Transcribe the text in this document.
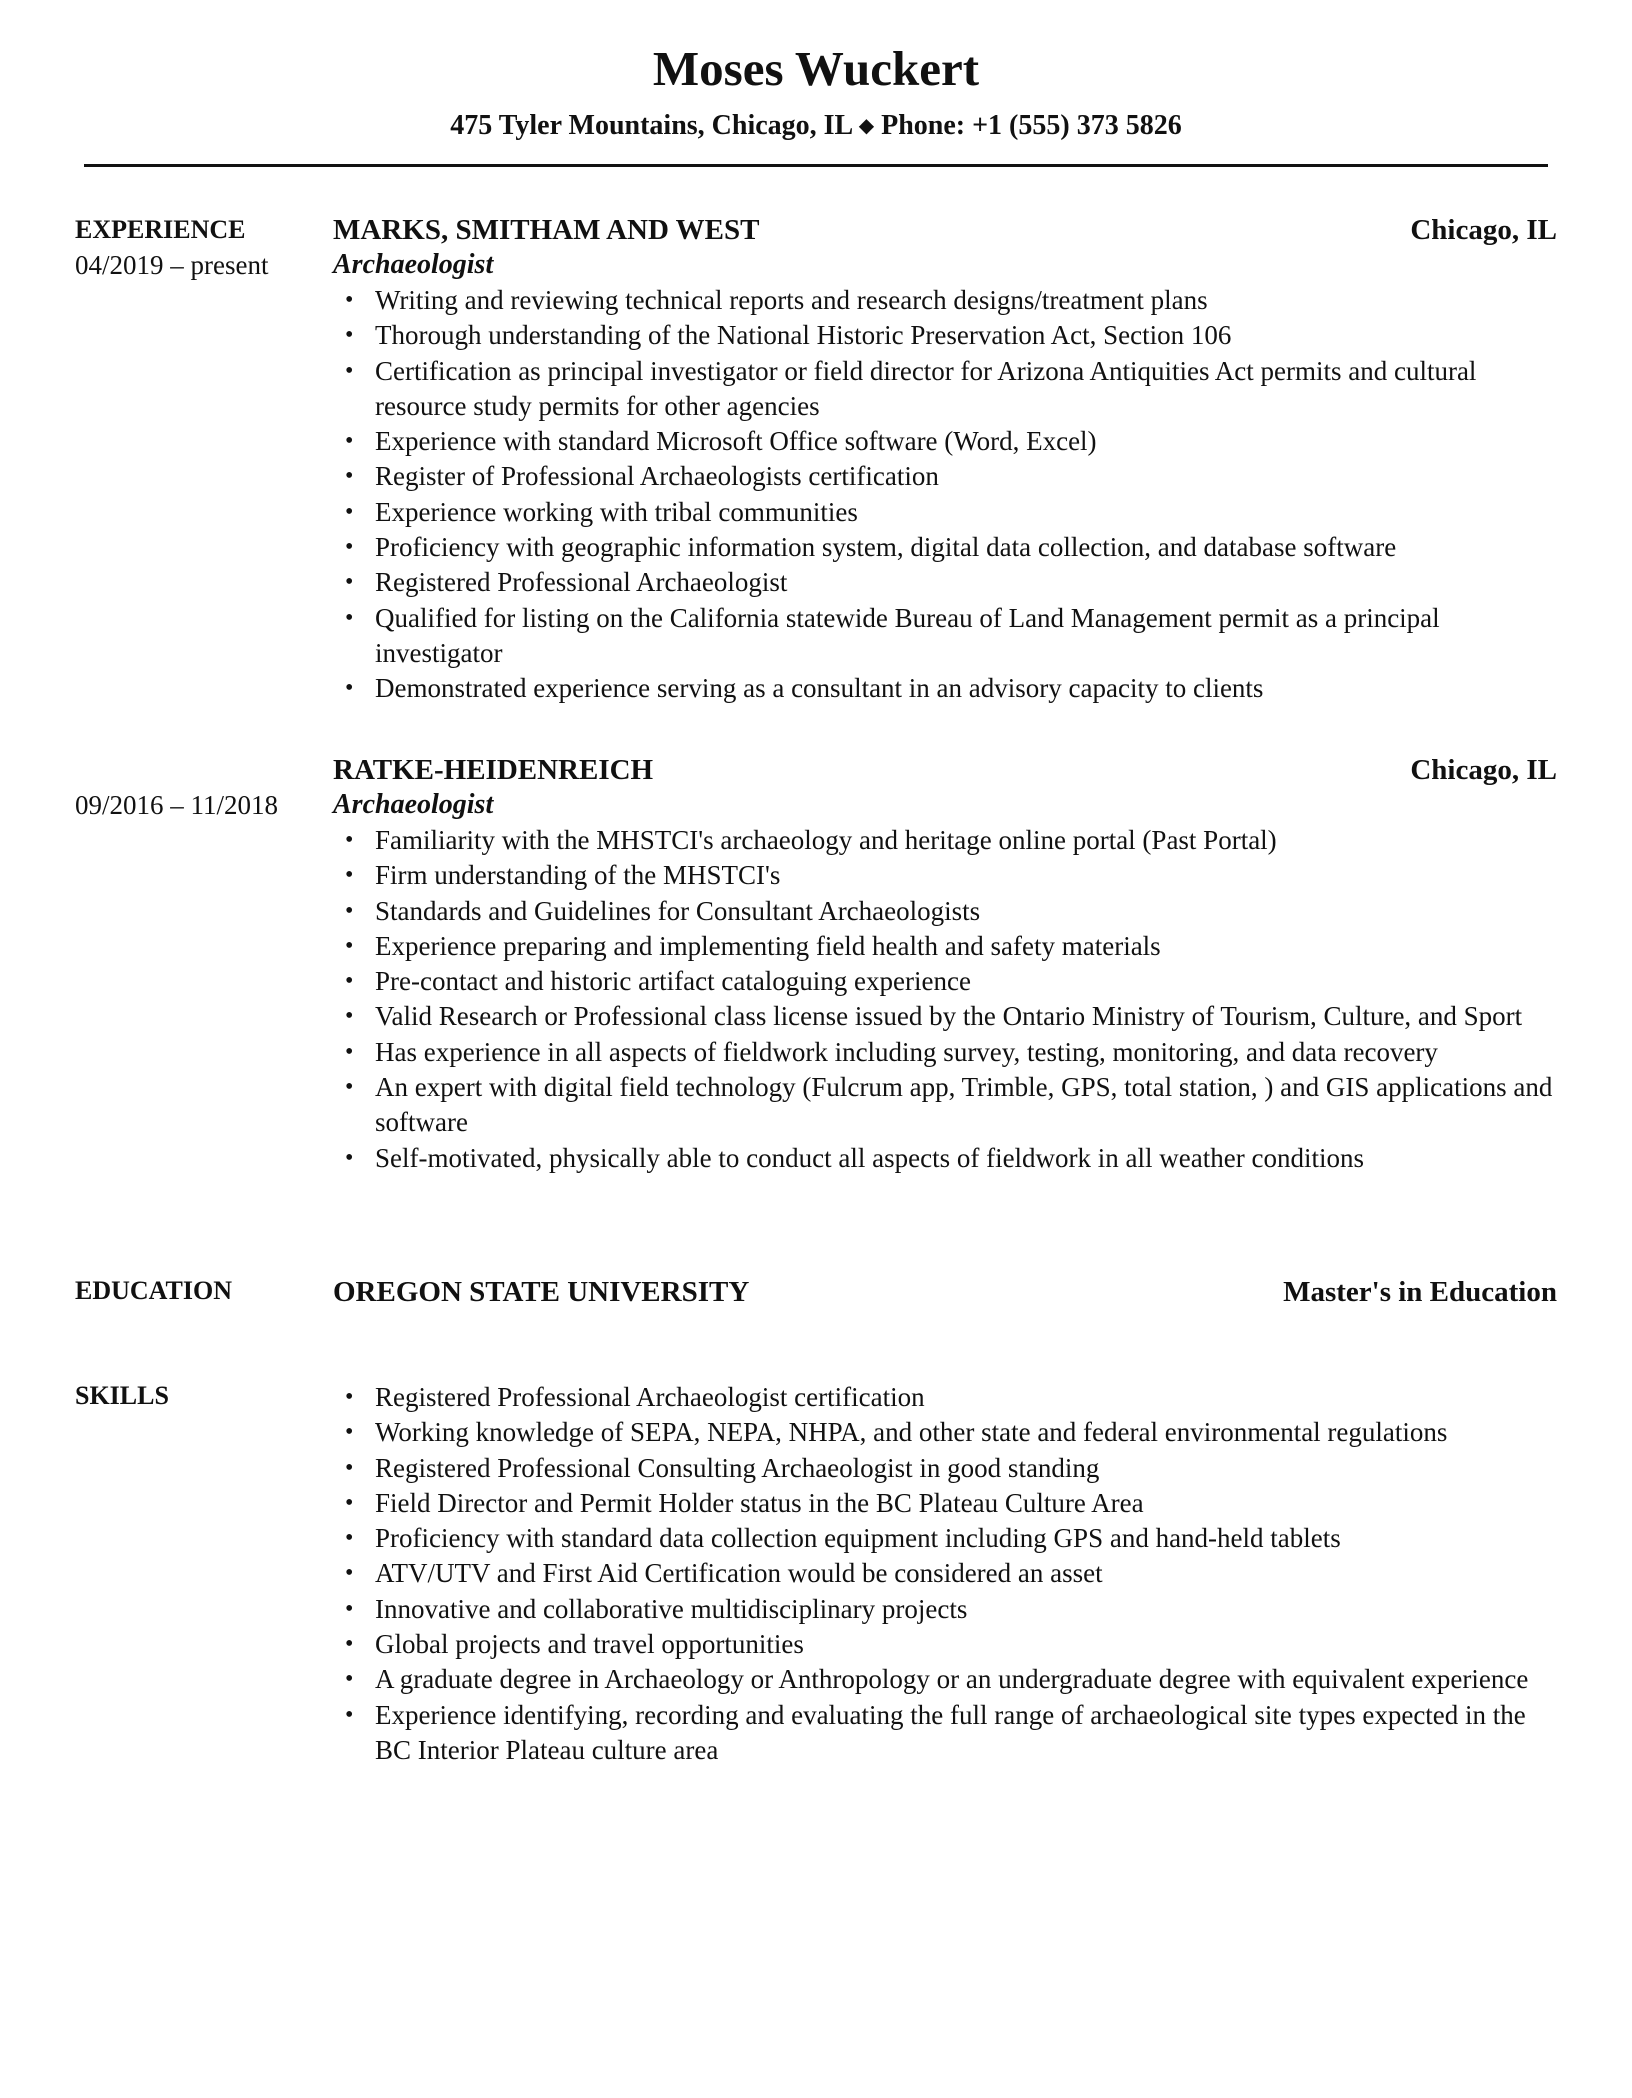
Moses Wuckert
475 Tyler Mountains, Chicago, IL ◆ Phone: +1 (555) 373 5826
EXPERIENCE
04/2019 – present
MARKS, SMITHAM AND WEST	Chicago, IL
Archaeologist
• Writing and reviewing technical reports and research designs/treatment plans
• Thorough understanding of the National Historic Preservation Act, Section 106
• Certification as principal investigator or field director for Arizona Antiquities Act permits and cultural resource study permits for other agencies
• Experience with standard Microsoft Office software (Word, Excel)
• Register of Professional Archaeologists certification
• Experience working with tribal communities
• Proficiency with geographic information system, digital data collection, and database software
• Registered Professional Archaeologist
• Qualified for listing on the California statewide Bureau of Land Management permit as a principal investigator
• Demonstrated experience serving as a consultant in an advisory capacity to clients
09/2016 – 11/2018
RATKE-HEIDENREICH	Chicago, IL
Archaeologist
• Familiarity with the MHSTCI's archaeology and heritage online portal (Past Portal)
• Firm understanding of the MHSTCI's
• Standards and Guidelines for Consultant Archaeologists
• Experience preparing and implementing field health and safety materials
• Pre-contact and historic artifact cataloguing experience
• Valid Research or Professional class license issued by the Ontario Ministry of Tourism, Culture, and Sport
• Has experience in all aspects of fieldwork including survey, testing, monitoring, and data recovery
• An expert with digital field technology (Fulcrum app, Trimble, GPS, total station, ) and GIS applications and software
• Self-motivated, physically able to conduct all aspects of fieldwork in all weather conditions
EDUCATION	OREGON STATE UNIVERSITY	Master's in Education
SKILLS	• Registered Professional Archaeologist certification
• Working knowledge of SEPA, NEPA, NHPA, and other state and federal environmental regulations
• Registered Professional Consulting Archaeologist in good standing
• Field Director and Permit Holder status in the BC Plateau Culture Area
• Proficiency with standard data collection equipment including GPS and hand-held tablets
• ATV/UTV and First Aid Certification would be considered an asset
• Innovative and collaborative multidisciplinary projects
• Global projects and travel opportunities
• A graduate degree in Archaeology or Anthropology or an undergraduate degree with equivalent experience
• Experience identifying, recording and evaluating the full range of archaeological site types expected in the BC Interior Plateau culture area
